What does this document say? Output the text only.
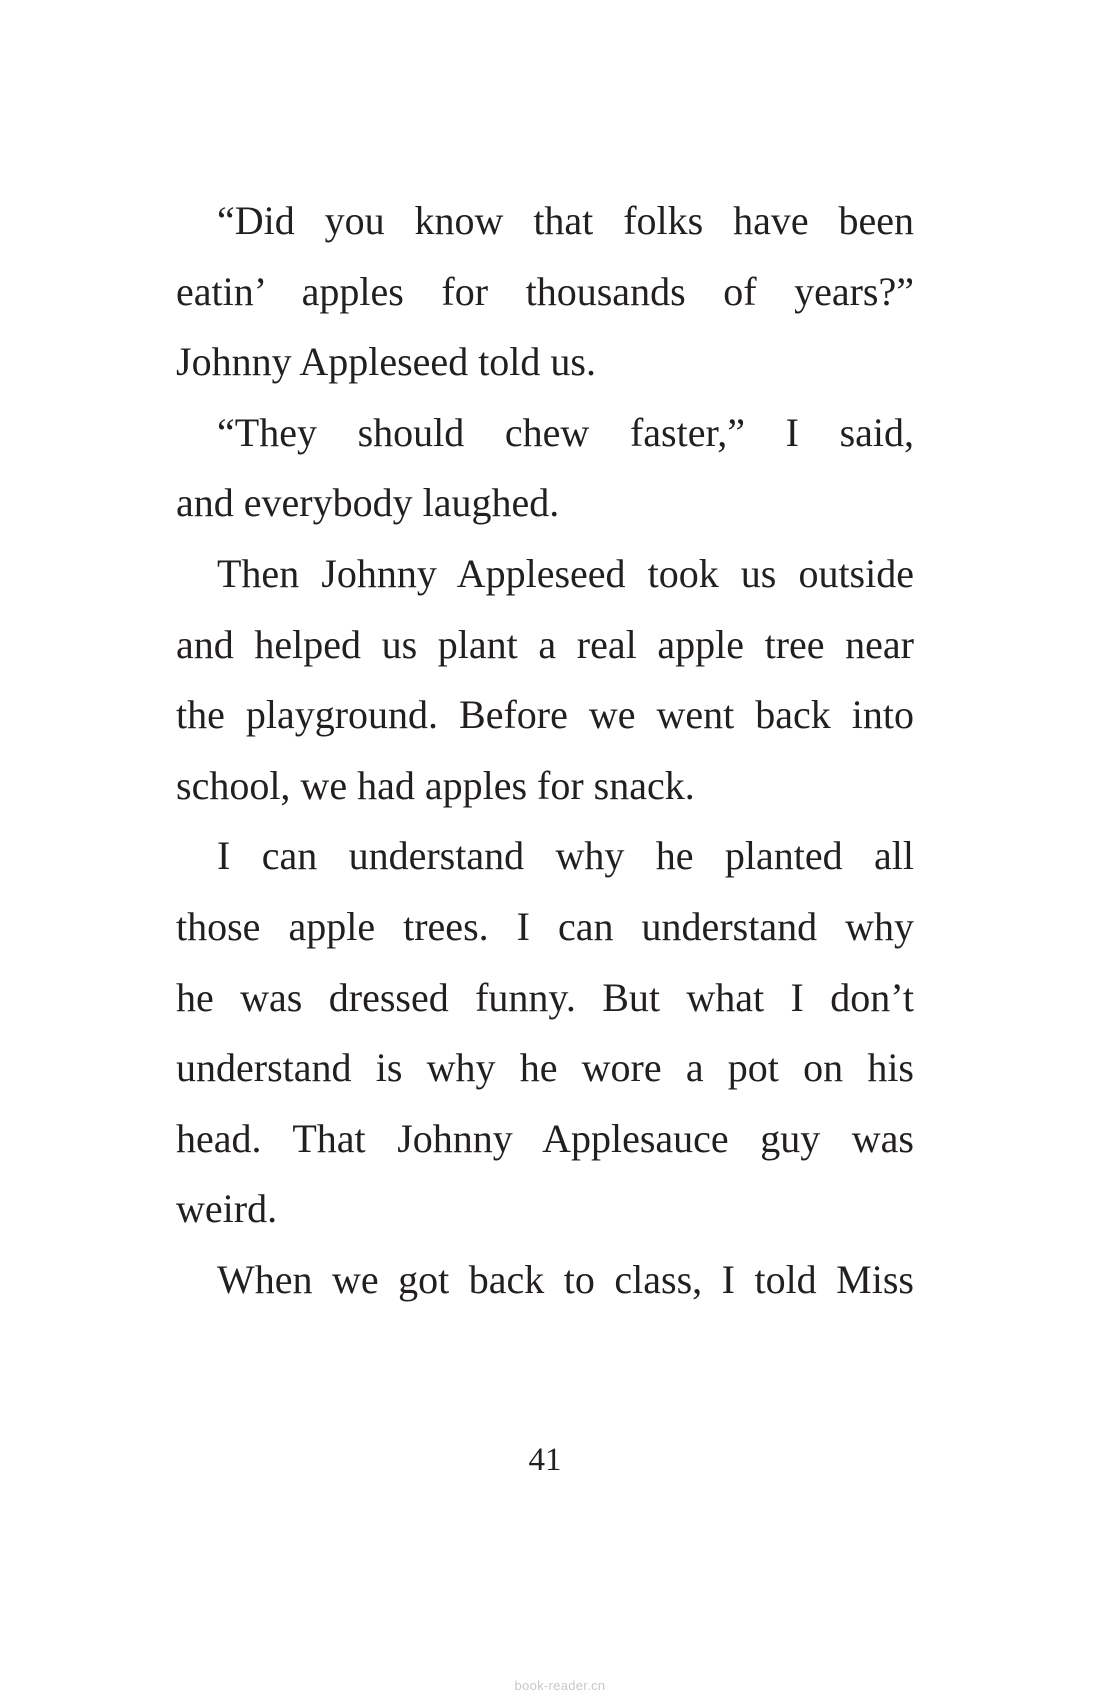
“Did you know that folks have been
eatin’ apples for thousands of years?”
Johnny Appleseed told us.
“They should chew faster,” I said,
and everybody laughed.
Then Johnny Appleseed took us outside
and helped us plant a real apple tree near
the playground. Before we went back into
school, we had apples for snack.
I can understand why he planted all
those apple trees. I can understand why
he was dressed funny. But what I don’t
understand is why he wore a pot on his
head. That Johnny Applesauce guy was
weird.
When we got back to class, I told Miss
41
book-reader.cn
